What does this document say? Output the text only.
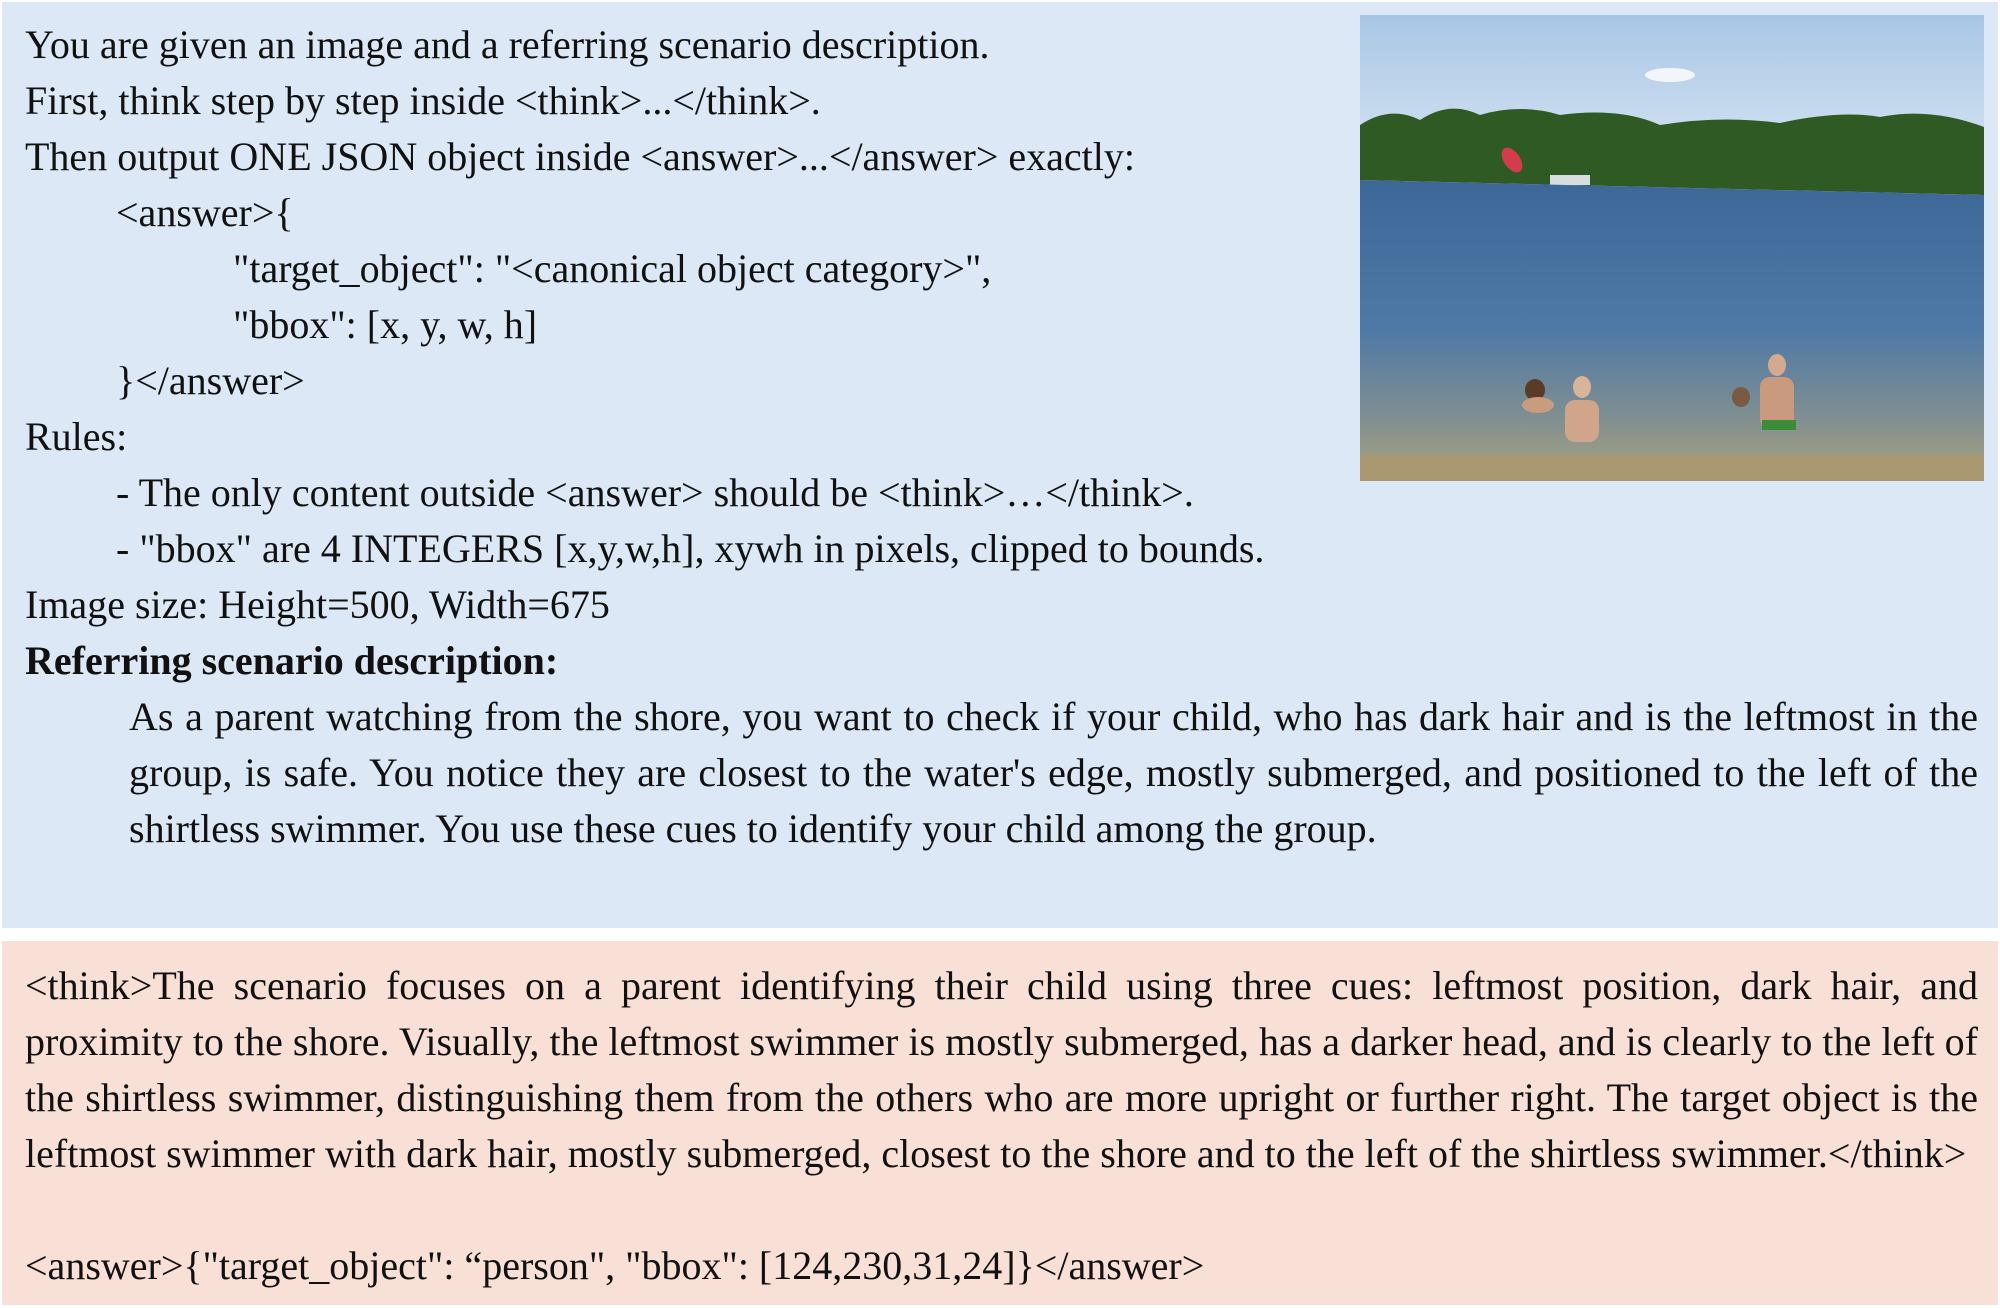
You are given an image and a referring scenario description.
First, think step by step inside <think>...</think>.
Then output ONE JSON object inside <answer>...</answer> exactly:
<answer>{
"target_object": "<canonical object category>",
"bbox": [x, y, w, h]
}</answer>
Rules:
- The only content outside <answer> should be <think>…</think>.
- "bbox" are 4 INTEGERS [x,y,w,h], xywh in pixels, clipped to bounds.
Image size: Height=500, Width=675
Referring scenario description:
As a parent watching from the shore, you want to check if your child, who has dark hair and is the leftmost in the group, is safe. You notice they are closest to the water's edge, mostly submerged, and positioned to the left of the shirtless swimmer. You use these cues to identify your child among the group.
<think>The scenario focuses on a parent identifying their child using three cues: leftmost position, dark hair, and proximity to the shore. Visually, the leftmost swimmer is mostly submerged, has a darker head, and is clearly to the left of the shirtless swimmer, distinguishing them from the others who are more upright or further right. The target object is the leftmost swimmer with dark hair, mostly submerged, closest to the shore and to the left of the shirtless swimmer.</think>
<answer>{"target_object": “person", "bbox": [124,230,31,24]}</answer>
